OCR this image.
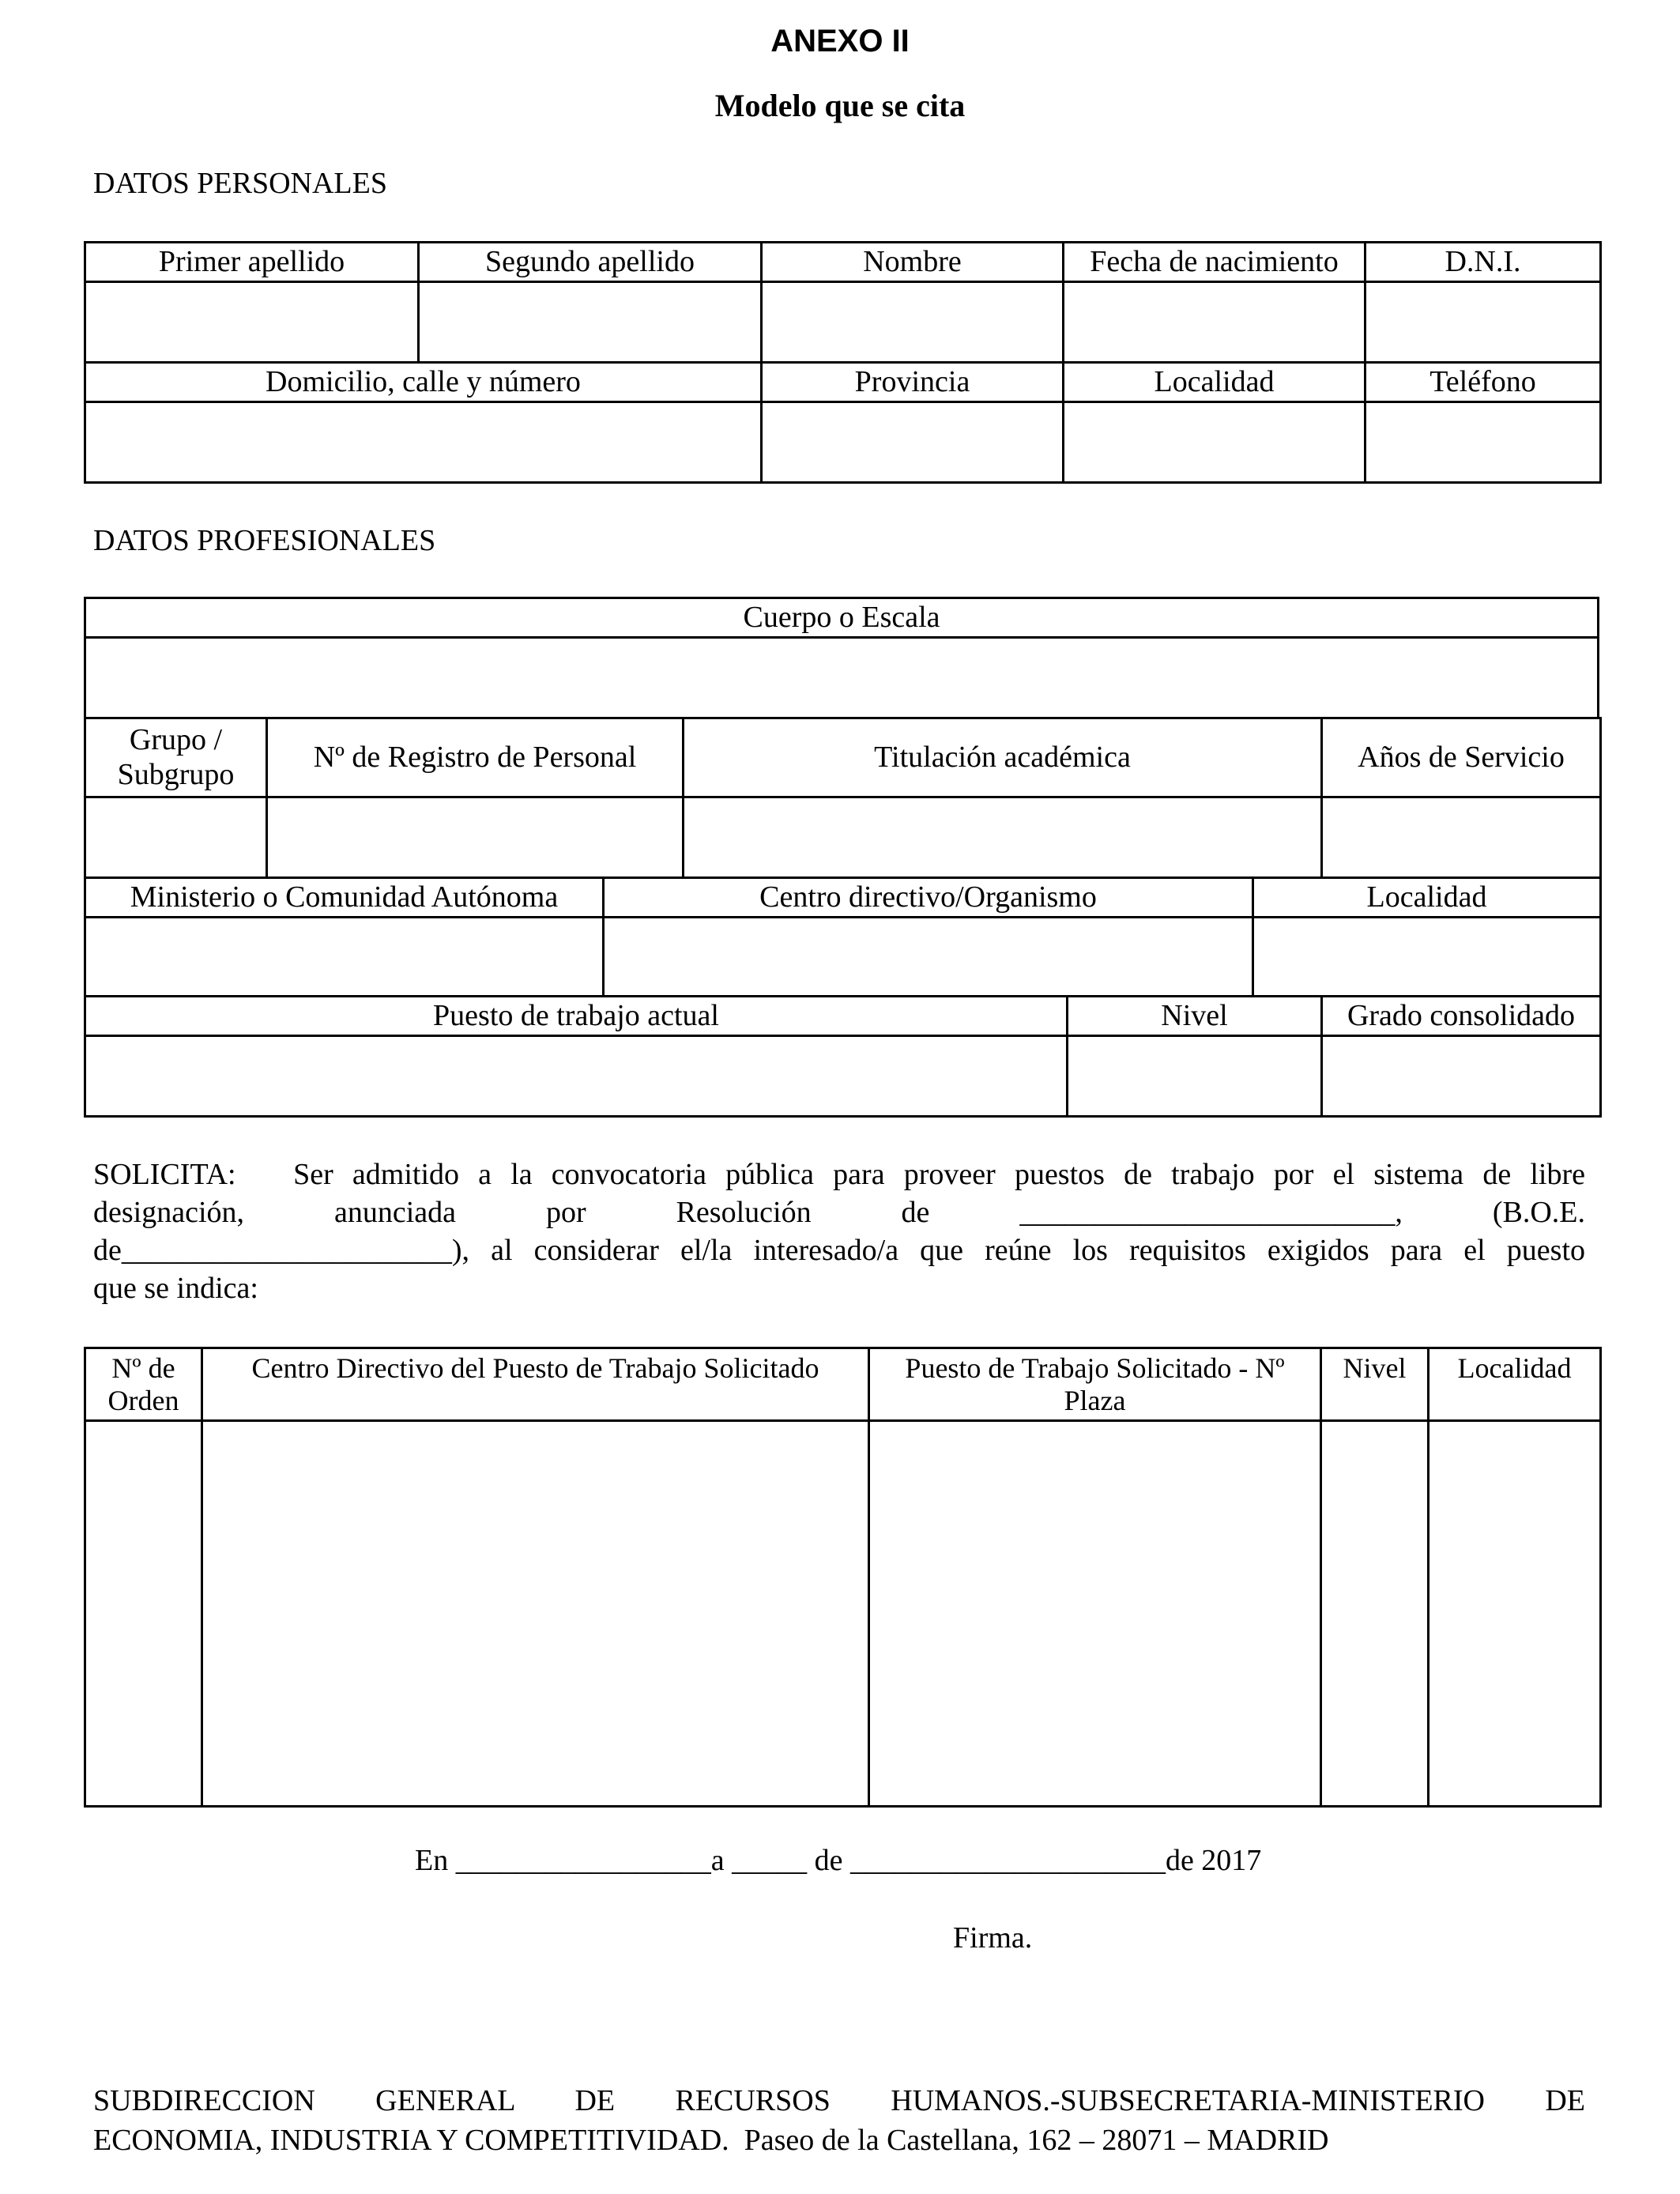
ANEXO II
Modelo que se cita
DATOS PERSONALES
Primer apellido	Segundo apellido	Nombre	Fecha de nacimiento	D.N.I.

Domicilio, calle y número		Provincia	Localidad	Teléfono

DATOS PROFESIONALES
Cuerpo o Escala

Grupo / Subgrupo	Nº de Registro de Personal	Titulación académica	Años de Servicio

Ministerio o Comunidad Autónoma	Centro directivo/Organismo	Localidad

Puesto de trabajo actual	Nivel	Grado consolidado

SOLICITA:   Ser admitido a la convocatoria pública para proveer puestos de trabajo por el sistema de libre

designación, anunciada por Resolución de _________________________, (B.O.E.

de______________________), al considerar el/la interesado/a que reúne los requisitos exigidos para el puesto

que se indica:

Nº de Orden	Centro Directivo del Puesto de Trabajo Solicitado	Puesto de Trabajo Solicitado - Nº Plaza	Nivel	Localidad

En _________________a _____ de _____________________de 2017
Firma.

SUBDIRECCION GENERAL DE RECURSOS HUMANOS.-SUBSECRETARIA-MINISTERIO DE

ECONOMIA, INDUSTRIA Y COMPETITIVIDAD.  Paseo de la Castellana, 162 – 28071 – MADRID
